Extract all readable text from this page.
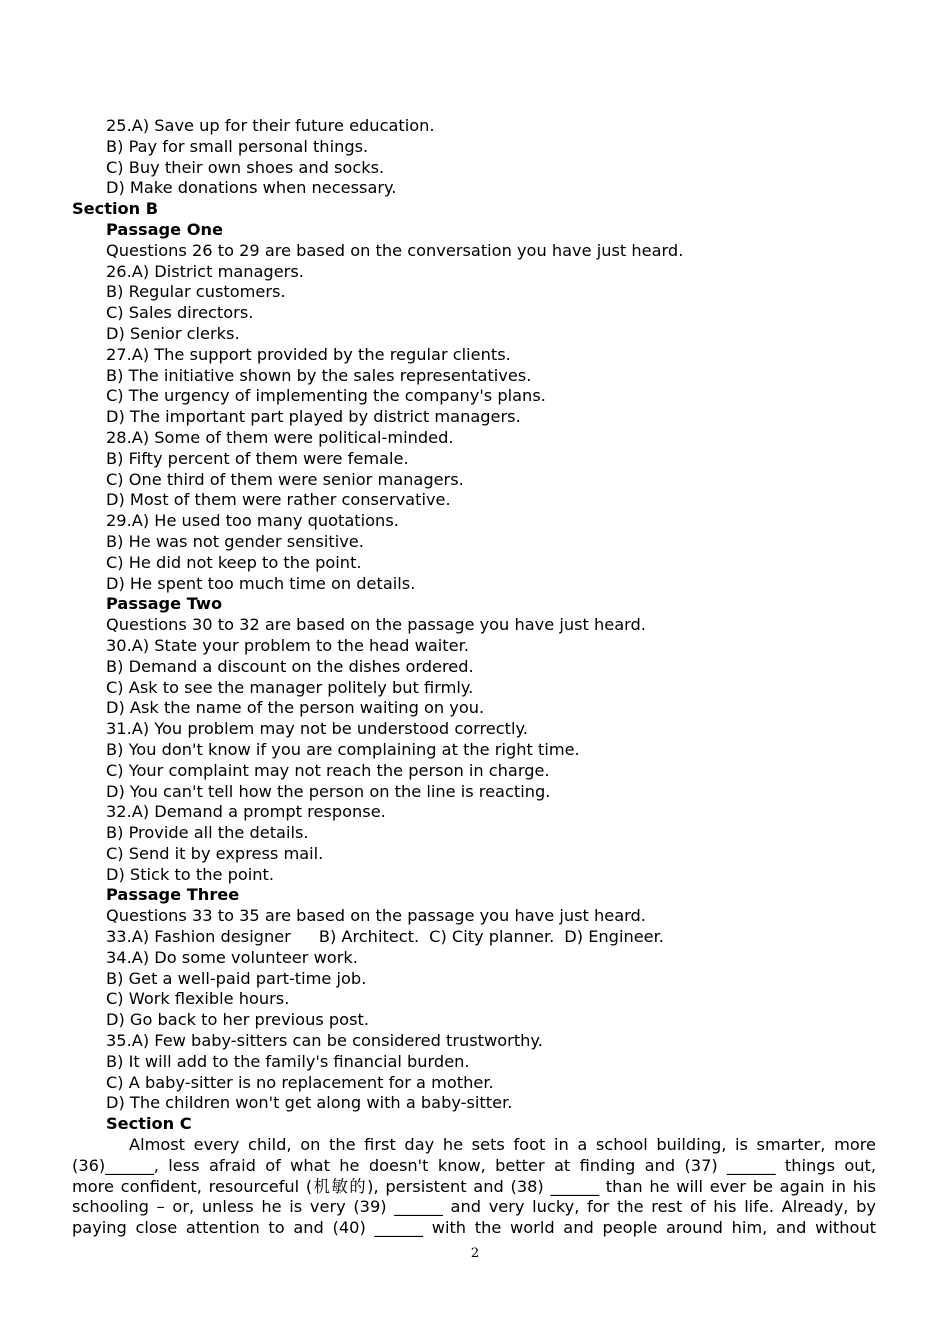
25.A) Save up for their future education.
B) Pay for small personal things.
C) Buy their own shoes and socks.
D) Make donations when necessary.
Section B
Passage One
Questions 26 to 29 are based on the conversation you have just heard.
26.A) District managers.
B) Regular customers.
C) Sales directors.
D) Senior clerks.
27.A) The support provided by the regular clients.
B) The initiative shown by the sales representatives.
C) The urgency of implementing the company's plans.
D) The important part played by district managers.
28.A) Some of them were political-minded.
B) Fifty percent of them were female.
C) One third of them were senior managers.
D) Most of them were rather conservative.
29.A) He used too many quotations.
B) He was not gender sensitive.
C) He did not keep to the point.
D) He spent too much time on details.
Passage Two
Questions 30 to 32 are based on the passage you have just heard.
30.A) State your problem to the head waiter.
B) Demand a discount on the dishes ordered.
C) Ask to see the manager politely but firmly.
D) Ask the name of the person waiting on you.
31.A) You problem may not be understood correctly.
B) You don't know if you are complaining at the right time.
C) Your complaint may not reach the person in charge.
D) You can't tell how the person on the line is reacting.
32.A) Demand a prompt response.
B) Provide all the details.
C) Send it by express mail.
D) Stick to the point.
Passage Three
Questions 33 to 35 are based on the passage you have just heard.
33.A) Fashion designer B) Architect. C) City planner. D) Engineer.
34.A) Do some volunteer work.
B) Get a well-paid part-time job.
C) Work flexible hours.
D) Go back to her previous post.
35.A) Few baby-sitters can be considered trustworthy.
B) It will add to the family's financial burden.
C) A baby-sitter is no replacement for a mother.
D) The children won't get along with a baby-sitter.
Section C
Almost every child, on the first day he sets foot in a school building, is smarter, more
(36)______, less afraid of what he doesn't know, better at finding and (37) ______ things out,
more confident, resourceful (机敏的), persistent and (38) ______ than he will ever be again in his
schooling – or, unless he is very (39) ______ and very lucky, for the rest of his life. Already, by
paying close attention to and (40) ______ with the world and people around him, and without
2
